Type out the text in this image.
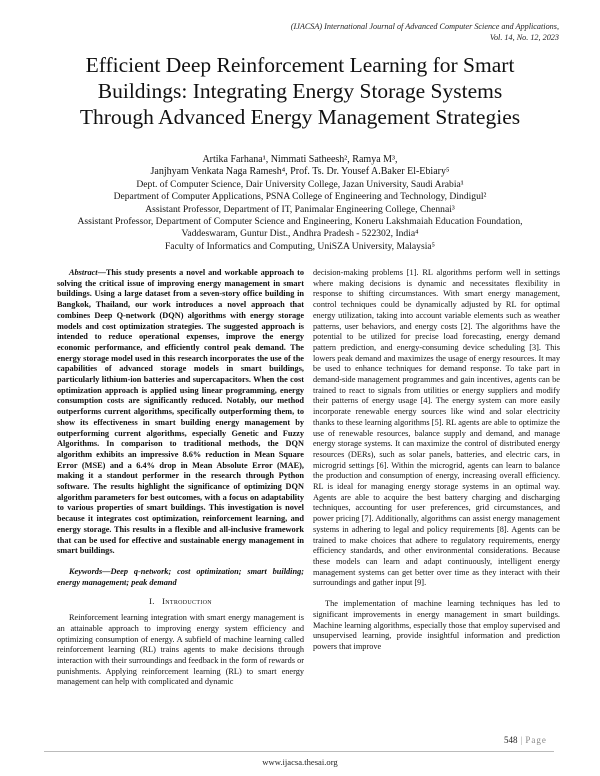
(IJACSA) International Journal of Advanced Computer Science and Applications,
Vol. 14, No. 12, 2023
Efficient Deep Reinforcement Learning for Smart
Buildings: Integrating Energy Storage Systems
Through Advanced Energy Management Strategies
Artika Farhana¹, Nimmati Satheesh², Ramya M³,
Janjhyam Venkata Naga Ramesh⁴, Prof. Ts. Dr. Yousef A.Baker El-Ebiary⁵
Dept. of Computer Science, Dair University College, Jazan University, Saudi Arabia¹
Department of Computer Applications, PSNA College of Engineering and Technology, Dindigul²
Assistant Professor, Department of IT, Panimalar Engineering College, Chennai³
Assistant Professor, Department of Computer Science and Engineering, Koneru Lakshmaiah Education Foundation,
Vaddeswaram, Guntur Dist., Andhra Pradesh - 522302, India⁴
Faculty of Informatics and Computing, UniSZA University, Malaysia⁵

Abstract—This study presents a novel and workable approach to solving the critical issue of improving energy management in smart buildings. Using a large dataset from a seven-story office building in Bangkok, Thailand, our work introduces a novel approach that combines Deep Q-network (DQN) algorithms with energy storage models and cost optimization strategies. The suggested approach is intended to reduce operational expenses, improve the energy economic performance, and efficiently control peak demand. The energy storage model used in this research incorporates the use of the capabilities of advanced storage models in smart buildings, particularly lithium-ion batteries and supercapacitors. When the cost optimization approach is applied using linear programming, energy consumption costs are significantly reduced. Notably, our method outperforms current algorithms, specifically outperforming them, to show its effectiveness in smart building energy management by outperforming current algorithms, especially Genetic and Fuzzy Algorithms. In comparison to traditional methods, the DQN algorithm exhibits an impressive 8.6% reduction in Mean Square Error (MSE) and a 6.4% drop in Mean Absolute Error (MAE), making it a standout performer in the research through Python software. The results highlight the significance of optimizing DQN algorithm parameters for best outcomes, with a focus on adaptability to various properties of smart buildings. This investigation is novel because it integrates cost optimization, reinforcement learning, and energy storage. This results in a flexible and all-inclusive framework that can be used for effective and sustainable energy management in smart buildings.

Keywords—Deep q-network; cost optimization; smart building; energy management; peak demand

I. Introduction

Reinforcement learning integration with smart energy management is an attainable approach to improving energy system efficiency and optimizing consumption of energy. A subfield of machine learning called reinforcement learning (RL) trains agents to make decisions through interaction with their surroundings and feedback in the form of rewards or punishments. Applying reinforcement learning (RL) to smart energy management can help with complicated and dynamic

decision-making problems [1]. RL algorithms perform well in settings where making decisions is dynamic and necessitates flexibility in response to shifting circumstances. With smart energy management, control techniques could be dynamically adjusted by RL for optimal energy utilization, taking into account variable elements such as weather patterns, user behaviors, and energy costs [2]. The algorithms have the potential to be utilized for precise load forecasting, energy demand pattern prediction, and energy-consuming device scheduling [3]. This lowers peak demand and maximizes the usage of energy resources. It may be used to enhance techniques for demand response. To take part in demand-side management programmes and gain incentives, agents can be trained to react to signals from utilities or energy suppliers and modify their patterns of energy usage [4]. The energy system can more easily incorporate renewable energy sources like wind and solar electricity thanks to these learning algorithms [5]. RL agents are able to optimize the use of renewable resources, balance supply and demand, and manage energy storage systems. It can maximize the control of distributed energy resources (DERs), such as solar panels, batteries, and electric cars, in microgrid settings [6]. Within the microgrid, agents can learn to balance the production and consumption of energy, increasing overall efficiency. RL is ideal for managing energy storage systems in an optimal way. Agents are able to acquire the best battery charging and discharging techniques, accounting for user preferences, grid circumstances, and power pricing [7]. Additionally, algorithms can assist energy management systems in adhering to legal and policy requirements [8]. Agents can be trained to make choices that adhere to regulatory requirements, energy efficiency standards, and other environmental considerations. Because these models can learn and adapt continuously, intelligent energy management systems can get better over time as they interact with their surroundings and gather input [9].

The implementation of machine learning techniques has led to significant improvements in energy management in smart buildings. Machine learning algorithms, especially those that employ supervised and unsupervised learning, provide insightful information and prediction powers that improve

548 | Page
www.ijacsa.thesai.org
